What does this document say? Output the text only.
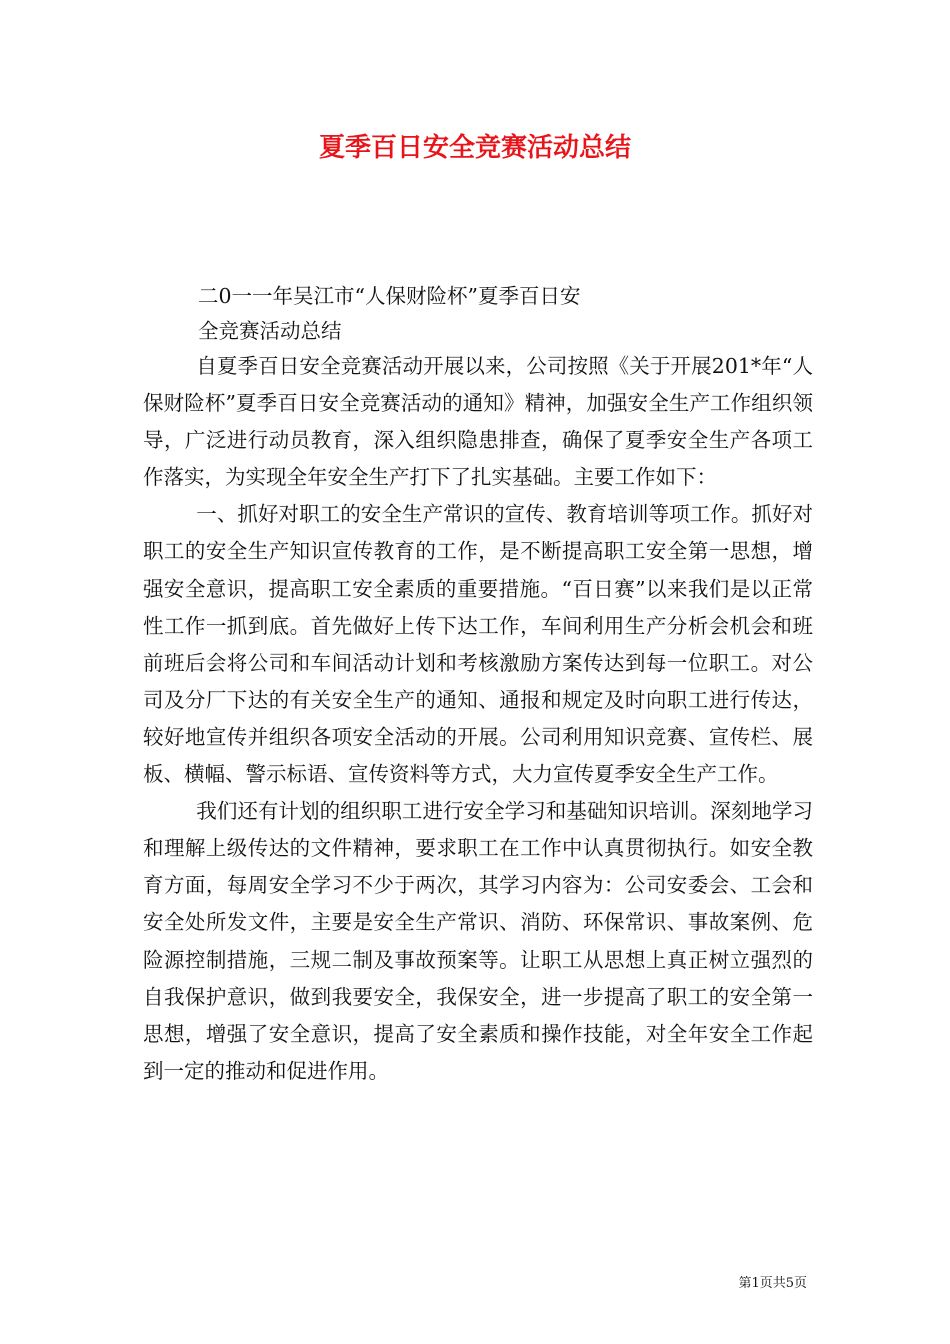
夏季百日安全竞赛活动总结
二0一一年吴江市“人保财险杯”夏季百日安
全竞赛活动总结

自夏季百日安全竞赛活动开展以来，公司按照《关于开展201*年“人保财险杯”夏季百日安全竞赛活动的通知》精神，加强安全生产工作组织领导，广泛进行动员教育，深入组织隐患排查，确保了夏季安全生产各项工作落实，为实现全年安全生产打下了扎实基础。主要工作如下：

一、抓好对职工的安全生产常识的宣传、教育培训等项工作。抓好对职工的安全生产知识宣传教育的工作，是不断提高职工安全第一思想，增强安全意识，提高职工安全素质的重要措施。“百日赛”以来我们是以正常性工作一抓到底。首先做好上传下达工作，车间利用生产分析会机会和班前班后会将公司和车间活动计划和考核激励方案传达到每一位职工。对公司及分厂下达的有关安全生产的通知、通报和规定及时向职工进行传达，较好地宣传并组织各项安全活动的开展。公司利用知识竞赛、宣传栏、展板、横幅、警示标语、宣传资料等方式，大力宣传夏季安全生产工作。

我们还有计划的组织职工进行安全学习和基础知识培训。深刻地学习和理解上级传达的文件精神，要求职工在工作中认真贯彻执行。如安全教育方面，每周安全学习不少于两次，其学习内容为：公司安委会、工会和安全处所发文件，主要是安全生产常识、消防、环保常识、事故案例、危险源控制措施，三规二制及事故预案等。让职工从思想上真正树立强烈的自我保护意识，做到我要安全，我保安全，进一步提高了职工的安全第一思想，增强了安全意识，提高了安全素质和操作技能，对全年安全工作起到一定的推动和促进作用。

第1页共5页
